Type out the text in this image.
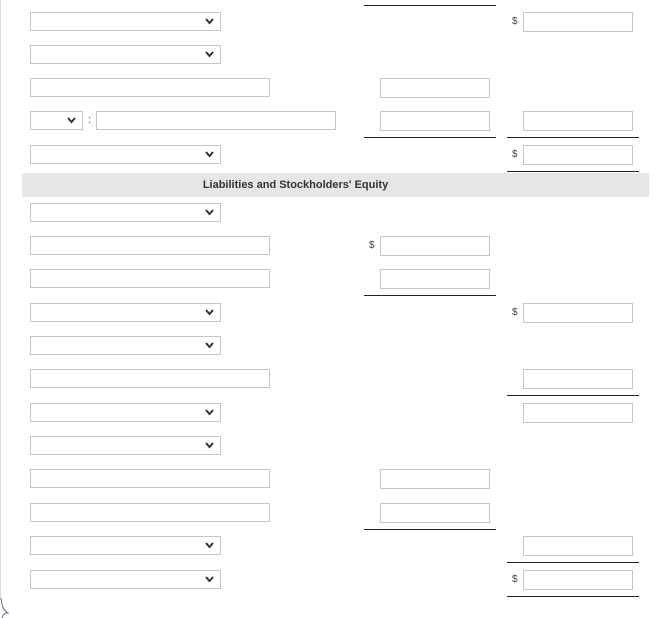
$
:
$
Liabilities and Stockholders' Equity
$
$
$
